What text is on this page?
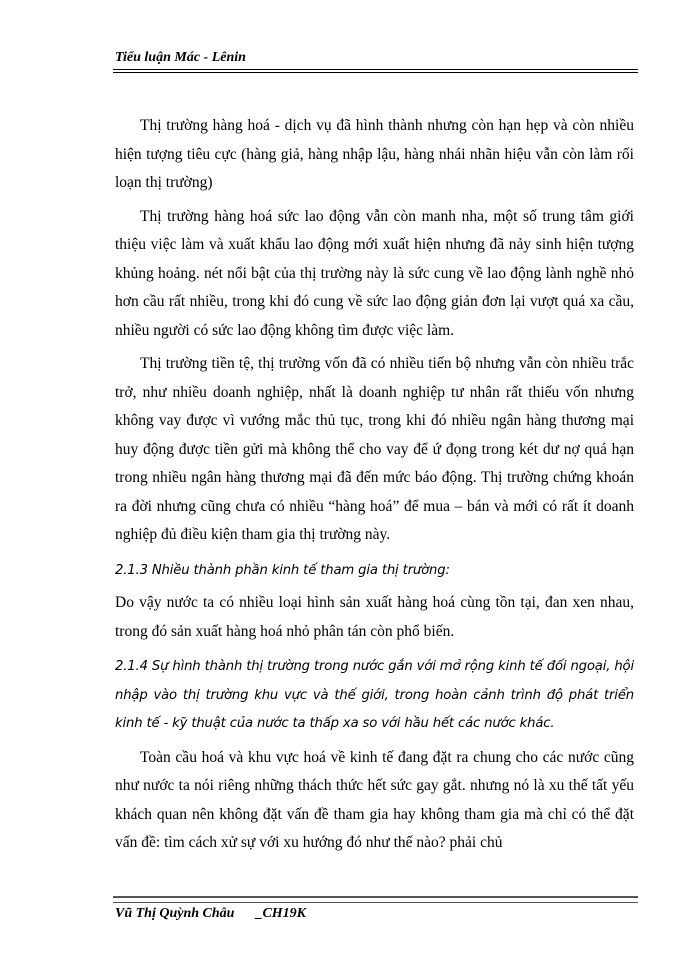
Tiểu luận Mác - Lênin

Thị trường hàng hoá - dịch vụ đã hình thành nhưng còn hạn hẹp và còn nhiều hiện tượng tiêu cực (hàng giả, hàng nhập lậu, hàng nhái nhãn hiệu vẫn còn làm rối loạn thị trường)

Thị trường hàng hoá sức lao động vẫn còn manh nha, một số trung tâm giới thiệu việc làm và xuất khẩu lao động mới xuất hiện nhưng đã nảy sinh hiện tượng khủng hoảng. nét nổi bật của thị trường này là sức cung về lao động lành nghề nhỏ hơn cầu rất nhiều, trong khi đó cung về sức lao động giản đơn lại vượt quá xa cầu, nhiều người có sức lao động không tìm được việc làm.

Thị trường tiền tệ, thị trường vốn đã có nhiều tiến bộ nhưng vẫn còn nhiều trắc trở, như nhiều doanh nghiệp, nhất là doanh nghiệp tư nhân rất thiếu vốn nhưng không vay được vì vướng mắc thủ tục, trong khi đó nhiều ngân hàng thương mại huy động được tiền gửi mà không thể cho vay để ứ đọng trong két dư nợ quá hạn trong nhiều ngân hàng thương mại đã đến mức báo động. Thị trường chứng khoán ra đời nhưng cũng chưa có nhiều “hàng hoá” để mua – bán và mới có rất ít doanh nghiệp đủ điều kiện tham gia thị trường này.

2.1.3 Nhiều thành phần kinh tế tham gia thị trường:

Do vậy nước ta có nhiều loại hình sản xuất hàng hoá cùng tồn tại, đan xen nhau, trong đó sản xuất hàng hoá nhỏ phân tán còn phổ biến.

2.1.4 Sự hình thành thị trường trong nước gắn với mở rộng kinh tế đối ngoại, hội nhập vào thị trường khu vực và thế giới, trong hoàn cảnh trình độ phát triển kinh tế - kỹ thuật của nước ta thấp xa so với hầu hết các nước khác.

Toàn cầu hoá và khu vực hoá về kinh tế đang đặt ra chung cho các nước cũng như nước ta nói riêng những thách thức hết sức gay gắt. nhưng nó là xu thế tất yếu khách quan nên không đặt vấn đề tham gia hay không tham gia mà chỉ có thể đặt vấn đề: tìm cách xử sự với xu hướng đó như thế nào? phải chủ

Vũ Thị Quỳnh Châu _CH19K
